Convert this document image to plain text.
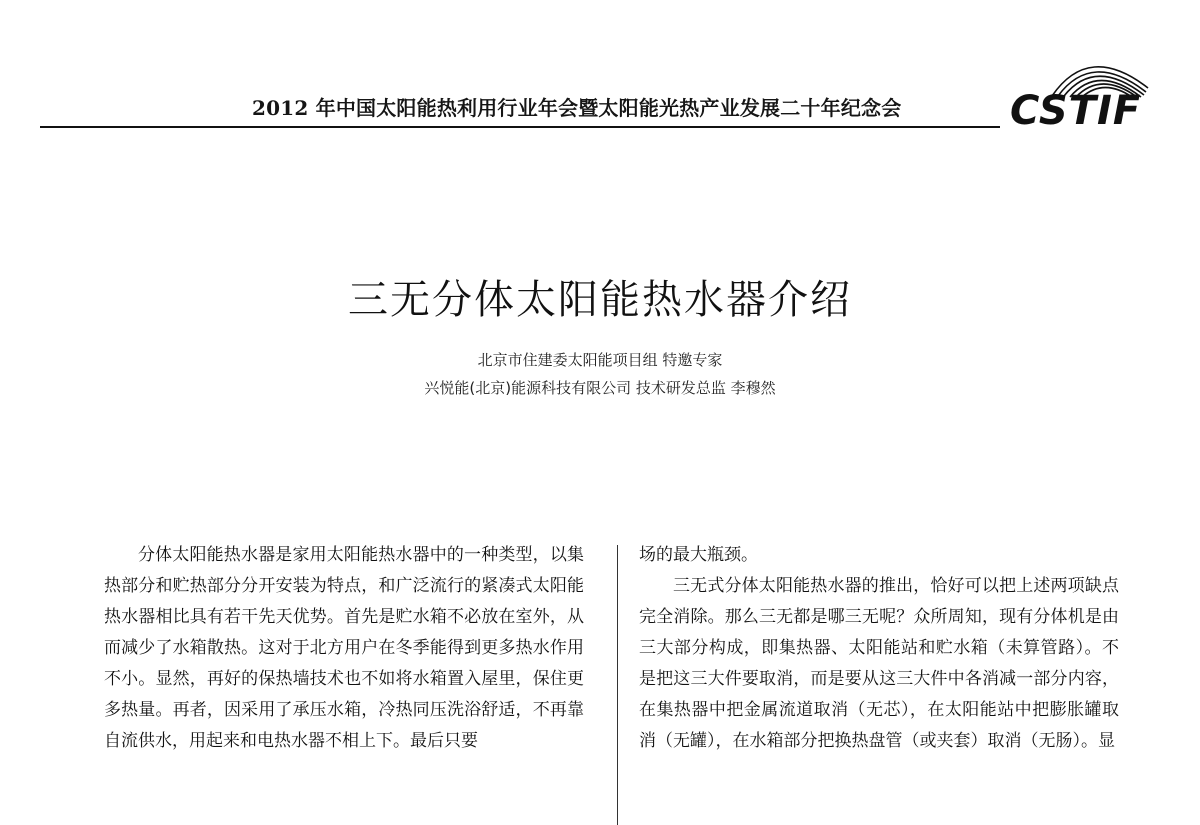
2012 年中国太阳能热利用行业年会暨太阳能光热产业发展二十年纪念会	CSTIF
三无分体太阳能热水器介绍
北京市住建委太阳能项目组 特邀专家
兴悦能(北京)能源科技有限公司 技术研发总监 李穆然

分体太阳能热水器是家用太阳能热水器中的一种类型，以集热部分和贮热部分分开安装为特点，和广泛流行的紧凑式太阳能热水器相比具有若干先天优势。首先是贮水箱不必放在室外，从而减少了水箱散热。这对于北方用户在冬季能得到更多热水作用不小。显然，再好的保热墙技术也不如将水箱置入屋里，保住更多热量。再者，因采用了承压水箱，冷热同压洗浴舒适，不再靠自流供水，用起来和电热水器不相上下。最后只要

场的最大瓶颈。

三无式分体太阳能热水器的推出，恰好可以把上述两项缺点完全消除。那么三无都是哪三无呢？众所周知，现有分体机是由三大部分构成，即集热器、太阳能站和贮水箱（未算管路）。不是把这三大件要取消，而是要从这三大件中各消减一部分内容，在集热器中把金属流道取消（无芯），在太阳能站中把膨胀罐取消（无罐），在水箱部分把换热盘管（或夹套）取消（无肠）。显
